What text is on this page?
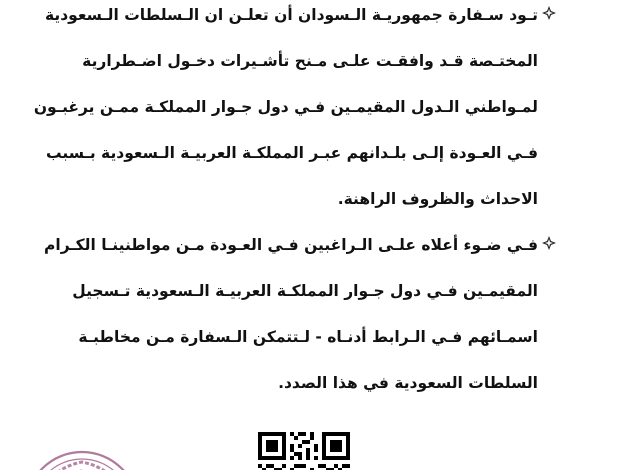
تـود سـفارة جمهوريـة الـسودان أن تعلـن ان الـسلطات الـسعودية
المختـصة قـد وافقـت علـى مـنح تأشـيرات دخـول اضـطرارية
لمـواطني الـدول المقيمـين فـي دول جـوار المملكـة ممـن يرغبـون
فـي العـودة إلـى بلـدانهم عبـر المملكـة العربيـة الـسعودية بـسبب
الاحداث والظروف الراهنة.
فـي ضـوء أعلاه علـى الـراغبين فـي العـودة مـن مواطنينـا الكـرام
المقيمـين فـي دول جـوار المملكـة العربيـة الـسعودية تـسجيل
اسمـائهم فـي الـرابط أدنـاه - لـتتمكن الـسفارة مـن مخاطبـة
السلطات السعودية في هذا الصدد.
